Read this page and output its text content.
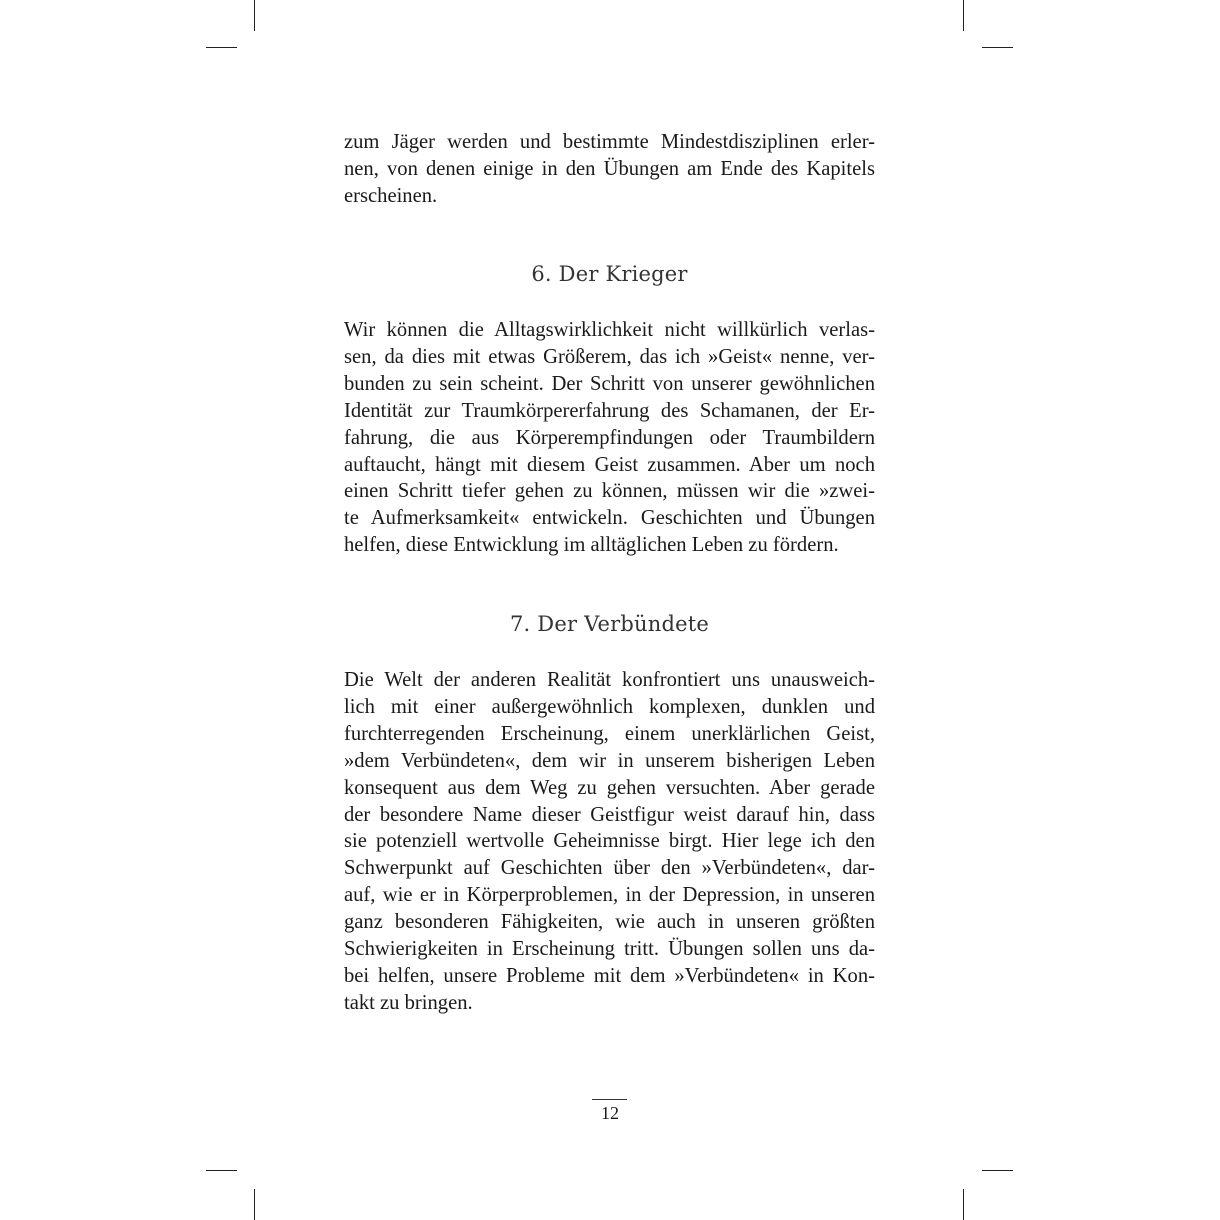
zum Jäger werden und bestimmte Mindestdisziplinen erler-
nen, von denen einige in den Übungen am Ende des Kapitels
erscheinen.
6. Der Krieger
Wir können die Alltagswirklichkeit nicht willkürlich verlas-
sen, da dies mit etwas Größerem, das ich »Geist« nenne, ver-
bunden zu sein scheint. Der Schritt von unserer gewöhnlichen
Identität zur Traumkörpererfahrung des Schamanen, der Er-
fahrung, die aus Körperempfindungen oder Traumbildern
auftaucht, hängt mit diesem Geist zusammen. Aber um noch
einen Schritt tiefer gehen zu können, müssen wir die »zwei-
te Aufmerksamkeit« entwickeln. Geschichten und Übungen
helfen, diese Entwicklung im alltäglichen Leben zu fördern.
7. Der Verbündete
Die Welt der anderen Realität konfrontiert uns unausweich-
lich mit einer außergewöhnlich komplexen, dunklen und
furchterregenden Erscheinung, einem unerklärlichen Geist,
»dem Verbündeten«, dem wir in unserem bisherigen Leben
konsequent aus dem Weg zu gehen versuchten. Aber gerade
der besondere Name dieser Geistfigur weist darauf hin, dass
sie potenziell wertvolle Geheimnisse birgt. Hier lege ich den
Schwerpunkt auf Geschichten über den »Verbündeten«, dar-
auf, wie er in Körperproblemen, in der Depression, in unseren
ganz besonderen Fähigkeiten, wie auch in unseren größten
Schwierigkeiten in Erscheinung tritt. Übungen sollen uns da-
bei helfen, unsere Probleme mit dem »Verbündeten« in Kon-
takt zu bringen.
12
